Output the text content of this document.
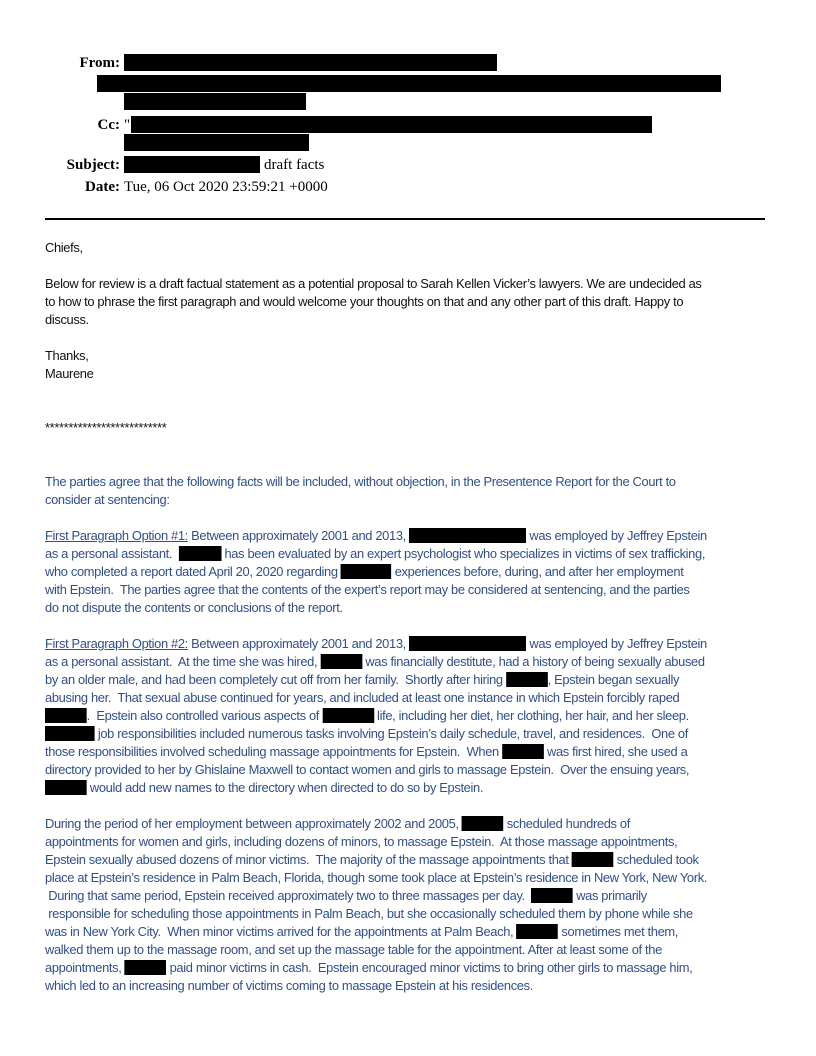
From:
Cc: "
Subject:	draft facts
Date: Tue, 06 Oct 2020 23:59:21 +0000
Chiefs,
Below for review is a draft factual statement as a potential proposal to Sarah Kellen Vicker’s lawyers. We are undecided as
to how to phrase the first paragraph and would welcome your thoughts on that and any other part of this draft. Happy to
discuss.
Thanks,
Maurene
**************************
The parties agree that the following facts will be included, without objection, in the Presentence Report for the Court to
consider at sentencing:
First Paragraph Option #1: Between approximately 2001 and 2013,	was employed by Jeffrey Epstein
as a personal assistant.	has been evaluated by an expert psychologist who specializes in victims of sex trafficking,
who completed a report dated April 20, 2020 regarding	experiences before, during, and after her employment
with Epstein.  The parties agree that the contents of the expert’s report may be considered at sentencing, and the parties
do not dispute the contents or conclusions of the report.
First Paragraph Option #2: Between approximately 2001 and 2013,	was employed by Jeffrey Epstein
as a personal assistant.  At the time she was hired,	was financially destitute, had a history of being sexually abused
by an older male, and had been completely cut off from her family.  Shortly after hiring	, Epstein began sexually
abusing her.  That sexual abuse continued for years, and included at least one instance in which Epstein forcibly raped
.  Epstein also controlled various aspects of	life, including her diet, her clothing, her hair, and her sleep.
job responsibilities included numerous tasks involving Epstein’s daily schedule, travel, and residences.  One of
those responsibilities involved scheduling massage appointments for Epstein.  When	was first hired, she used a
directory provided to her by Ghislaine Maxwell to contact women and girls to massage Epstein.  Over the ensuing years,
would add new names to the directory when directed to do so by Epstein.
During the period of her employment between approximately 2002 and 2005,	scheduled hundreds of
appointments for women and girls, including dozens of minors, to massage Epstein.  At those massage appointments,
Epstein sexually abused dozens of minor victims.  The majority of the massage appointments that	scheduled took
place at Epstein’s residence in Palm Beach, Florida, though some took place at Epstein’s residence in New York, New York.
During that same period, Epstein received approximately two to three massages per day.	was primarily
responsible for scheduling those appointments in Palm Beach, but she occasionally scheduled them by phone while she
was in New York City.  When minor victims arrived for the appointments at Palm Beach,	sometimes met them,
walked them up to the massage room, and set up the massage table for the appointment. After at least some of the
appointments,	paid minor victims in cash.  Epstein encouraged minor victims to bring other girls to massage him,
which led to an increasing number of victims coming to massage Epstein at his residences.
